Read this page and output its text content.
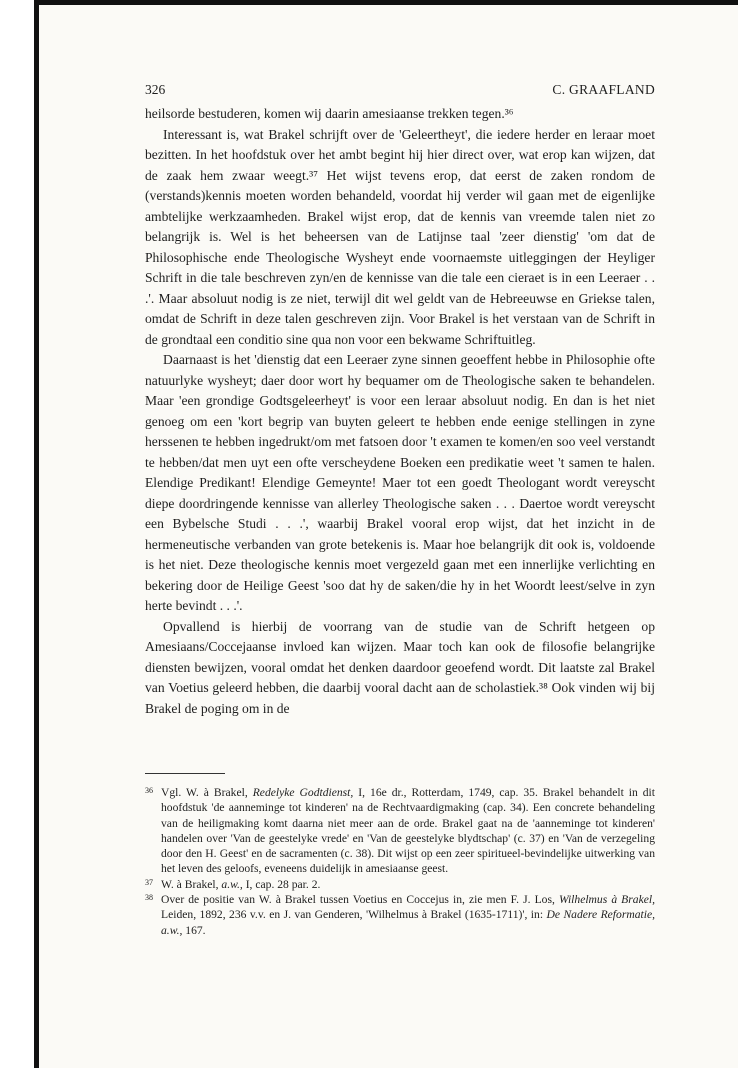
326	C. GRAAFLAND

heilsorde bestuderen, komen wij daarin amesiaanse trekken tegen.³⁶

Interessant is, wat Brakel schrijft over de 'Geleertheyt', die iedere herder en leraar moet bezitten. In het hoofdstuk over het ambt begint hij hier direct over, wat erop kan wijzen, dat de zaak hem zwaar weegt.³⁷ Het wijst tevens erop, dat eerst de zaken rondom de (verstands)kennis moeten worden behandeld, voordat hij verder wil gaan met de eigenlijke ambtelijke werkzaamheden. Brakel wijst erop, dat de kennis van vreemde talen niet zo belangrijk is. Wel is het beheersen van de Latijnse taal 'zeer dienstig' 'om dat de Philosophische ende Theologische Wysheyt ende voornaemste uitleggingen der Heyliger Schrift in die tale beschreven zyn/en de kennisse van die tale een cieraet is in een Leeraer . . .'. Maar absoluut nodig is ze niet, terwijl dit wel geldt van de Hebreeuwse en Griekse talen, omdat de Schrift in deze talen geschreven zijn. Voor Brakel is het verstaan van de Schrift in de grondtaal een conditio sine qua non voor een bekwame Schriftuitleg.

Daarnaast is het 'dienstig dat een Leeraer zyne sinnen geoeffent hebbe in Philosophie ofte natuurlyke wysheyt; daer door wort hy bequamer om de Theologische saken te behandelen. Maar 'een grondige Godtsgeleerheyt' is voor een leraar absoluut nodig. En dan is het niet genoeg om een 'kort begrip van buyten geleert te hebben ende eenige stellingen in zyne herssenen te hebben ingedrukt/om met fatsoen door 't examen te komen/en soo veel verstandt te hebben/dat men uyt een ofte verscheydene Boeken een predikatie weet 't samen te halen. Elendige Predikant! Elendige Gemeynte! Maer tot een goedt Theologant wordt vereyscht diepe doordringende kennisse van allerley Theologische saken . . . Daertoe wordt vereyscht een Bybelsche Studi . . .', waarbij Brakel vooral erop wijst, dat het inzicht in de hermeneutische verbanden van grote betekenis is. Maar hoe belangrijk dit ook is, voldoende is het niet. Deze theologische kennis moet vergezeld gaan met een innerlijke verlichting en bekering door de Heilige Geest 'soo dat hy de saken/die hy in het Woordt leest/selve in zyn herte bevindt . . .'.

Opvallend is hierbij de voorrang van de studie van de Schrift hetgeen op Amesiaans/Coccejaanse invloed kan wijzen. Maar toch kan ook de filosofie belangrijke diensten bewijzen, vooral omdat het denken daardoor geoefend wordt. Dit laatste zal Brakel van Voetius geleerd hebben, die daarbij vooral dacht aan de scholastiek.³⁸ Ook vinden wij bij Brakel de poging om in de

36 Vgl. W. à Brakel, Redelyke Godtdienst, I, 16e dr., Rotterdam, 1749, cap. 35. Brakel behandelt in dit hoofdstuk 'de aanneminge tot kinderen' na de Rechtvaardigmaking (cap. 34). Een concrete behandeling van de heiligmaking komt daarna niet meer aan de orde. Brakel gaat na de 'aanneminge tot kinderen' handelen over 'Van de geestelyke vrede' en 'Van de geestelyke blydtschap' (c. 37) en 'Van de verzegeling door den H. Geest' en de sacramenten (c. 38). Dit wijst op een zeer spiritueel-bevindelijke uitwerking van het leven des geloofs, eveneens duidelijk in amesiaanse geest.

37 W. à Brakel, a.w., I, cap. 28 par. 2.

38 Over de positie van W. à Brakel tussen Voetius en Coccejus in, zie men F. J. Los, Wilhelmus à Brakel, Leiden, 1892, 236 v.v. en J. van Genderen, 'Wilhelmus à Brakel (1635-1711)', in: De Nadere Reformatie, a.w., 167.
